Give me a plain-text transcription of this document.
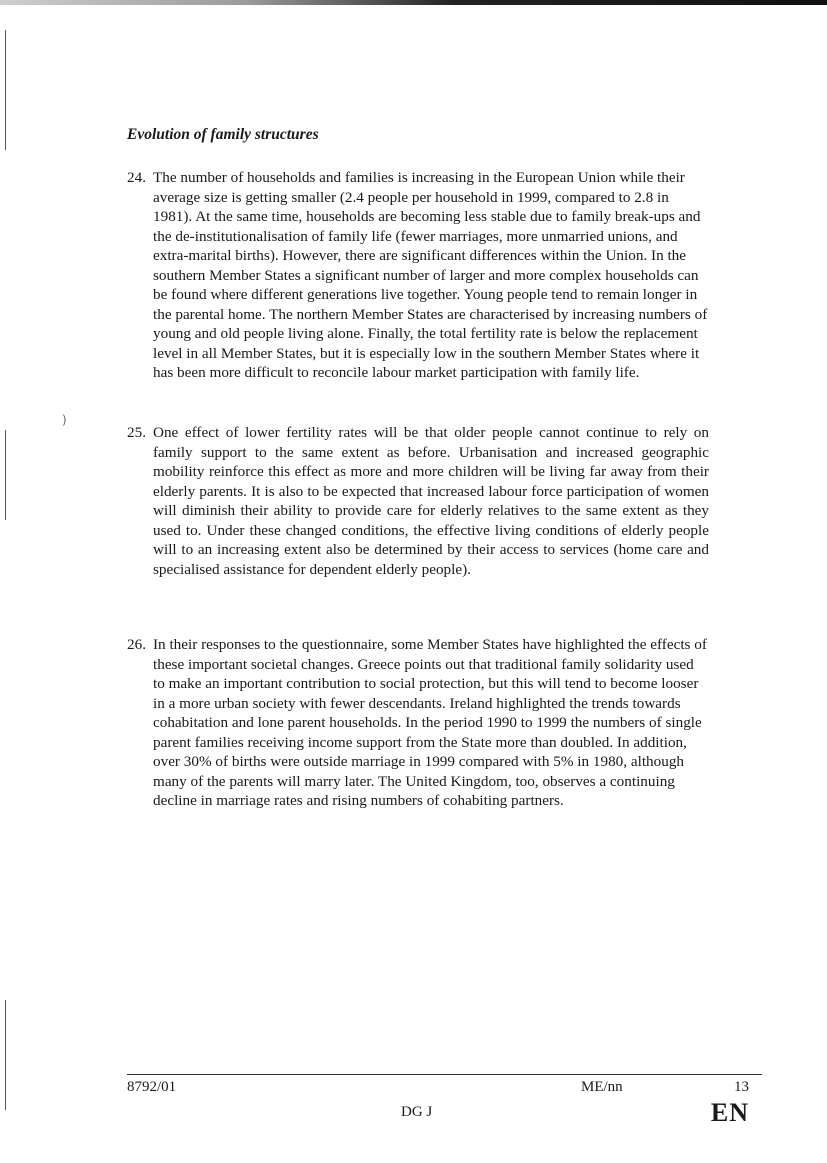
)
Evolution of family structures
24. The number of households and families is increasing in the European Union while their average size is getting smaller (2.4 people per household in 1999, compared to 2.8 in 1981). At the same time, households are becoming less stable due to family break-ups and the de-institutionalisation of family life (fewer marriages, more unmarried unions, and extra-marital births). However, there are significant differences within the Union. In the southern Member States a significant number of larger and more complex households can be found where different generations live together. Young people tend to remain longer in the parental home. The northern Member States are characterised by increasing numbers of young and old people living alone. Finally, the total fertility rate is below the replacement level in all Member States, but it is especially low in the southern Member States where it has been more difficult to reconcile labour market participation with family life.
25. One effect of lower fertility rates will be that older people cannot continue to rely on family support to the same extent as before. Urbanisation and increased geographic mobility reinforce this effect as more and more children will be living far away from their elderly parents. It is also to be expected that increased labour force participation of women will diminish their ability to provide care for elderly relatives to the same extent as they used to. Under these changed conditions, the effective living conditions of elderly people will to an increasing extent also be determined by their access to services (home care and specialised assistance for dependent elderly people).
26. In their responses to the questionnaire, some Member States have highlighted the effects of these important societal changes. Greece points out that traditional family solidarity used to make an important contribution to social protection, but this will tend to become looser in a more urban society with fewer descendants. Ireland highlighted the trends towards cohabitation and lone parent households. In the period 1990 to 1999 the numbers of single parent families receiving income support from the State more than doubled. In addition, over 30% of births were outside marriage in 1999 compared with 5% in 1980, although many of the parents will marry later. The United Kingdom, too, observes a continuing decline in marriage rates and rising numbers of cohabiting partners.
8792/01	ME/nn	13
DG J	EN
